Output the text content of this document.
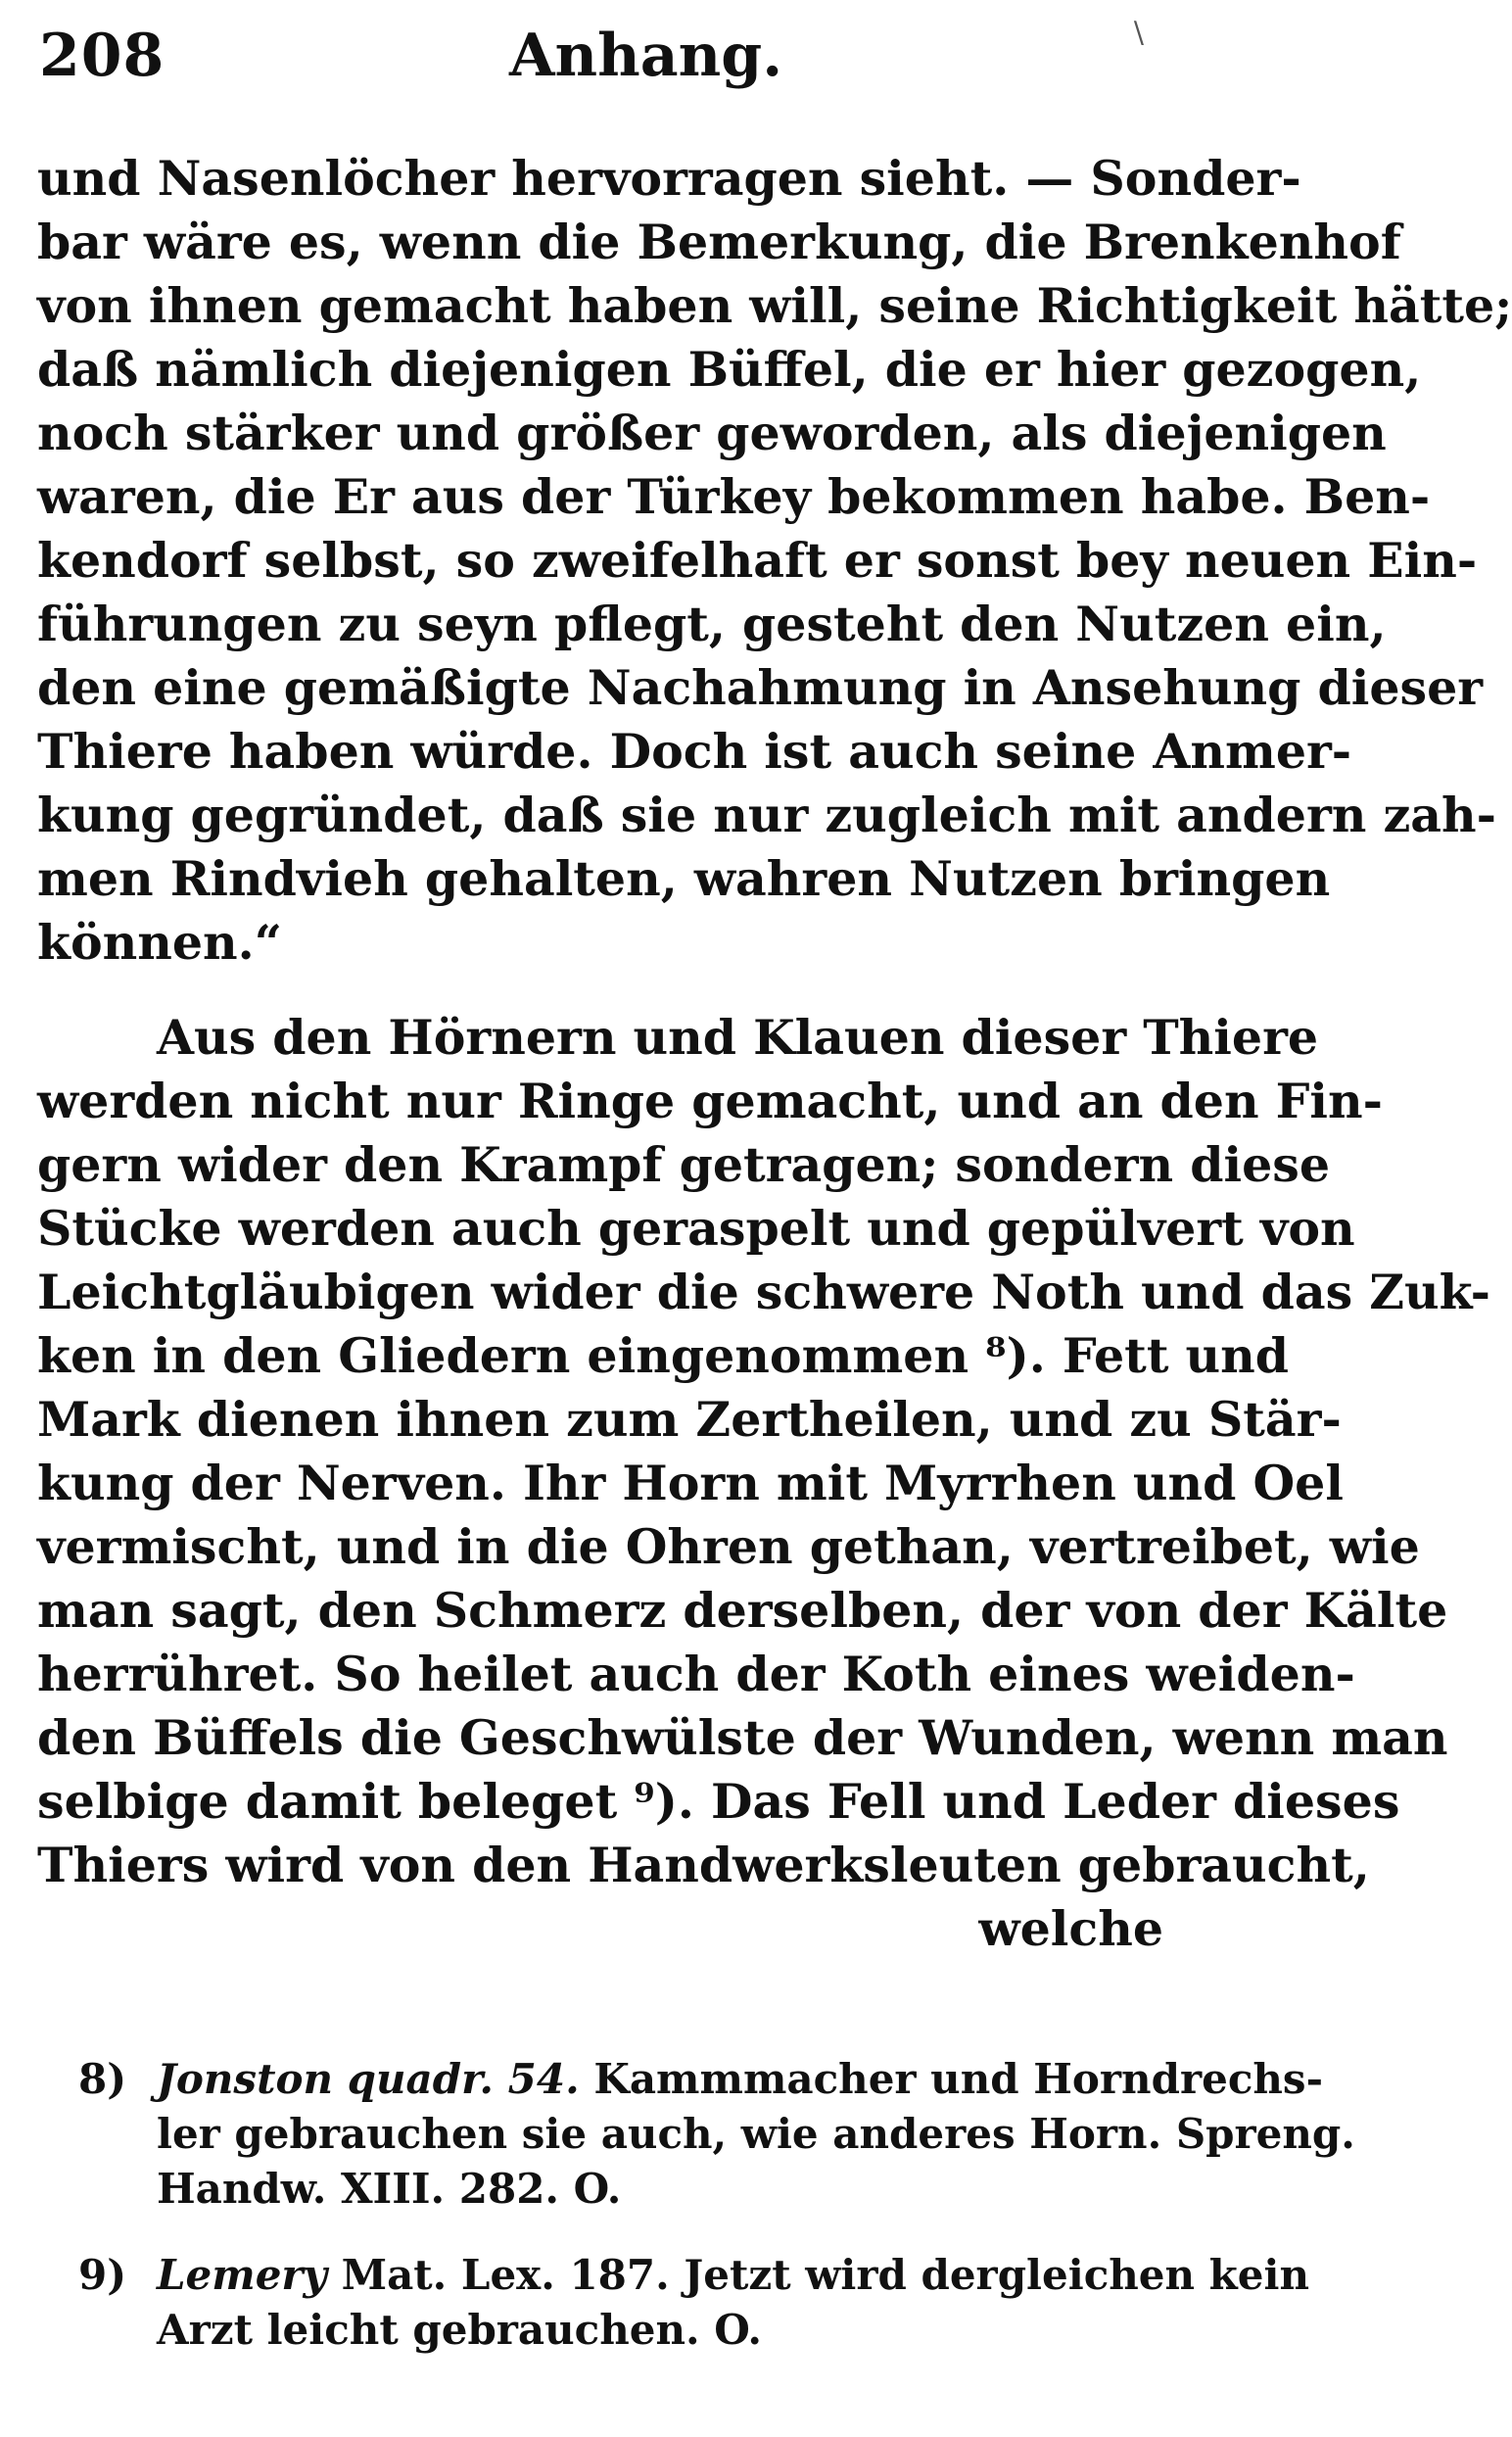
208	Anhang.	\
und Nasenlöcher hervorragen sieht. — Sonder-
bar wäre es, wenn die Bemerkung, die Brenkenhof
von ihnen gemacht haben will, seine Richtigkeit hätte;
daß nämlich diejenigen Büffel, die er hier gezogen,
noch stärker und größer geworden, als diejenigen
waren, die Er aus der Türkey bekommen habe. Ben-
kendorf selbst, so zweifelhaft er sonst bey neuen Ein-
führungen zu seyn pflegt, gesteht den Nutzen ein,
den eine gemäßigte Nachahmung in Ansehung dieser
Thiere haben würde. Doch ist auch seine Anmer-
kung gegründet, daß sie nur zugleich mit andern zah-
men Rindvieh gehalten, wahren Nutzen bringen
können.“
Aus den Hörnern und Klauen dieser Thiere
werden nicht nur Ringe gemacht, und an den Fin-
gern wider den Krampf getragen; sondern diese
Stücke werden auch geraspelt und gepülvert von
Leichtgläubigen wider die schwere Noth und das Zuk-
ken in den Gliedern eingenommen ⁸). Fett und
Mark dienen ihnen zum Zertheilen, und zu Stär-
kung der Nerven. Ihr Horn mit Myrrhen und Oel
vermischt, und in die Ohren gethan, vertreibet, wie
man sagt, den Schmerz derselben, der von der Kälte
herrühret. So heilet auch der Koth eines weiden-
den Büffels die Geschwülste der Wunden, wenn man
selbige damit beleget ⁹). Das Fell und Leder dieses
Thiers wird von den Handwerksleuten gebraucht,
welche
8) Jonston quadr. 54. Kammmacher und Horndrechs-
ler gebrauchen sie auch, wie anderes Horn. Spreng.
Handw. XIII. 282. O.
9) Lemery Mat. Lex. 187. Jetzt wird dergleichen kein
Arzt leicht gebrauchen. O.
